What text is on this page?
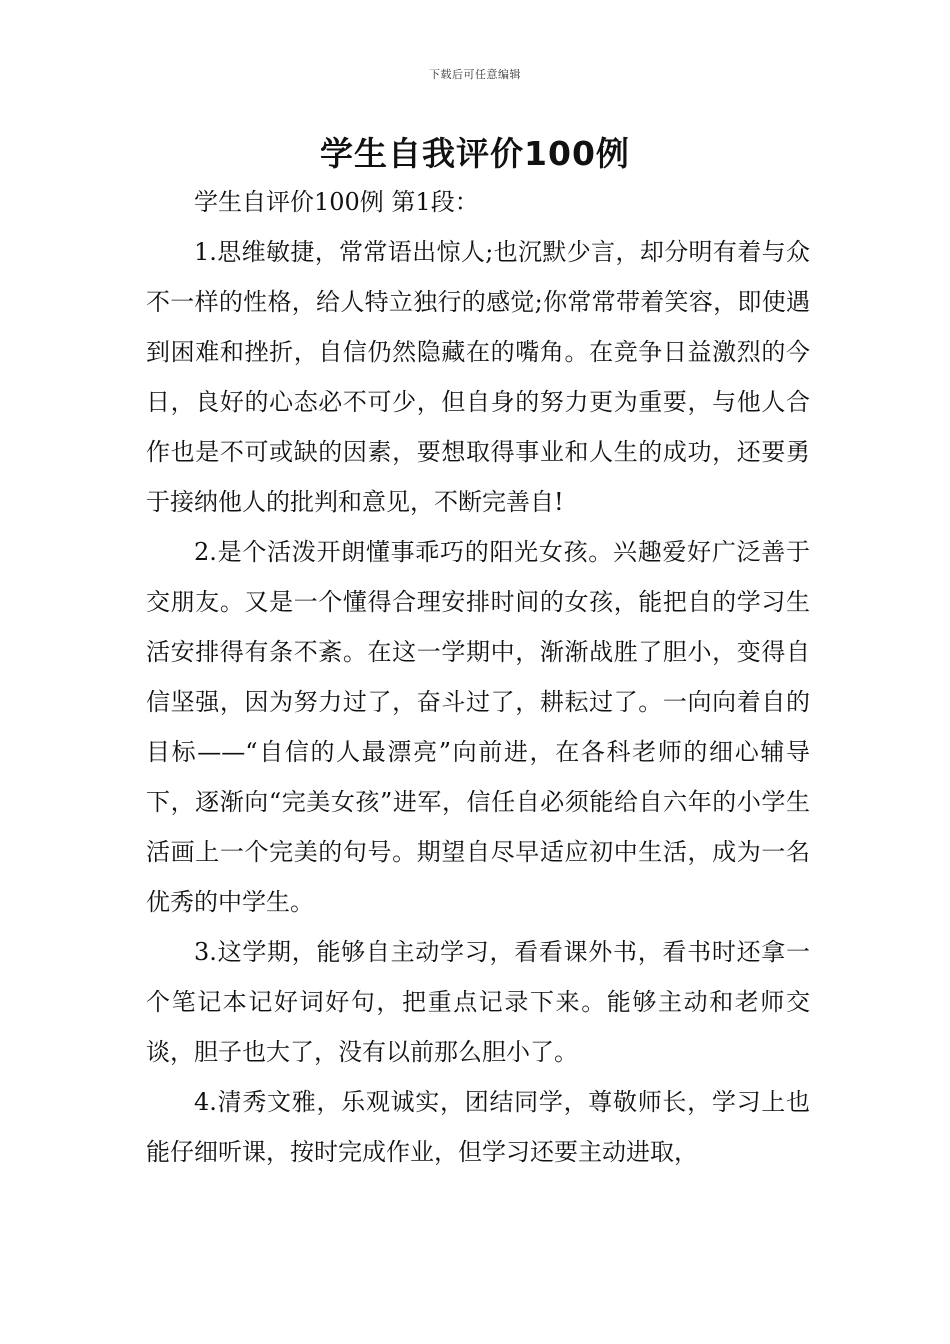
下载后可任意编辑
学生自我评价100例

学生自评价100例 第1段：

1.思维敏捷，常常语出惊人;也沉默少言，却分明有着与众不一样的性格，给人特立独行的感觉;你常常带着笑容，即使遇到困难和挫折，自信仍然隐藏在的嘴角。在竞争日益激烈的今日，良好的心态必不可少，但自身的努力更为重要，与他人合作也是不可或缺的因素，要想取得事业和人生的成功，还要勇于接纳他人的批判和意见，不断完善自!

2.是个活泼开朗懂事乖巧的阳光女孩。兴趣爱好广泛善于交朋友。又是一个懂得合理安排时间的女孩，能把自的学习生活安排得有条不紊。在这一学期中，渐渐战胜了胆小，变得自信坚强，因为努力过了，奋斗过了，耕耘过了。一向向着自的目标——“自信的人最漂亮”向前进，在各科老师的细心辅导下，逐渐向“完美女孩”进军，信任自必须能给自六年的小学生活画上一个完美的句号。期望自尽早适应初中生活，成为一名优秀的中学生。

3.这学期，能够自主动学习，看看课外书，看书时还拿一个笔记本记好词好句，把重点记录下来。能够主动和老师交谈，胆子也大了，没有以前那么胆小了。

4.清秀文雅，乐观诚实，团结同学，尊敬师长，学习上也能仔细听课，按时完成作业，但学习还要主动进取，
